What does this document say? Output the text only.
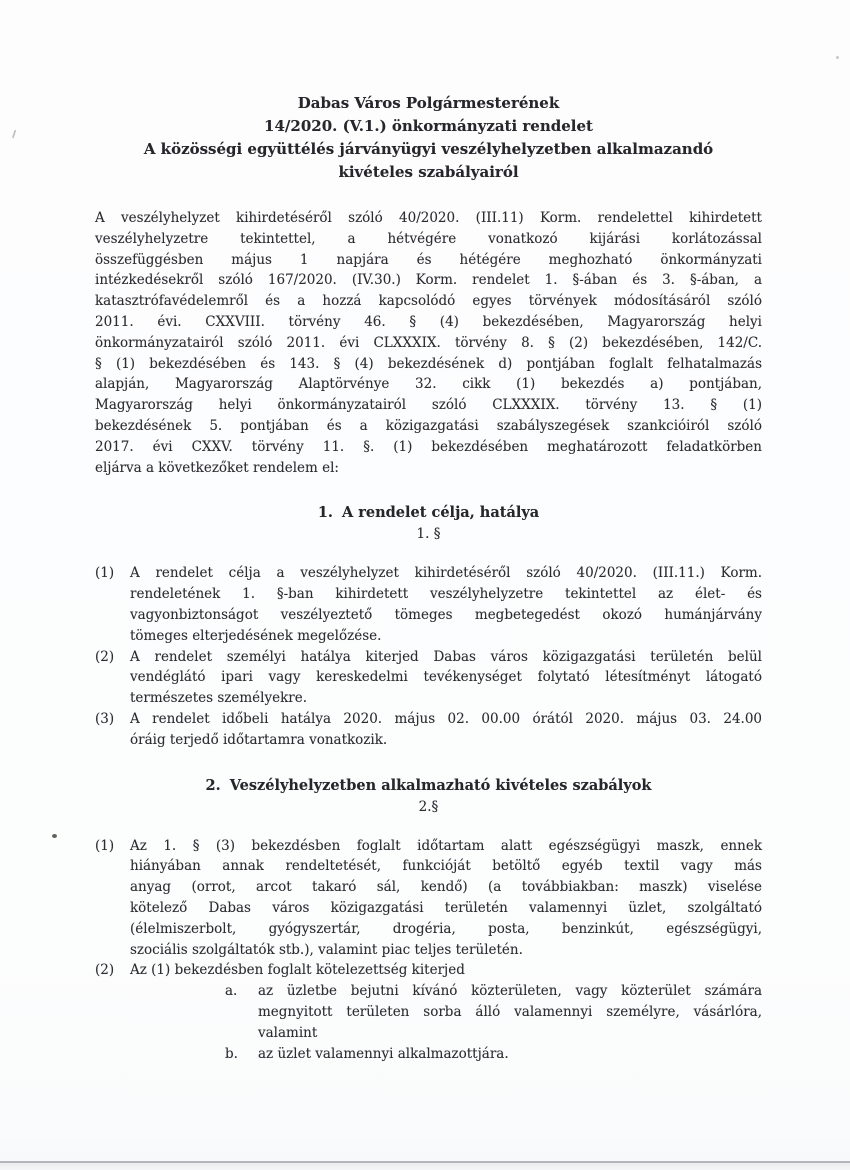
Dabas Város Polgármesterének
14/2020. (V.1.) önkormányzati rendelet
A közösségi együttélés járványügyi veszélyhelyzetben alkalmazandó
kivételes szabályairól
A veszélyhelyzet kihirdetéséről szóló 40/2020. (III.11) Korm. rendelettel kihirdetett
veszélyhelyzetre tekintettel, a hétvégére vonatkozó kijárási korlátozással
összefüggésben május 1 napjára és hétégére meghozható önkormányzati
intézkedésekről szóló 167/2020. (IV.30.) Korm. rendelet 1. §-ában és 3. §-ában, a
katasztrófavédelemről és a hozzá kapcsolódó egyes törvények módosításáról szóló
2011. évi. CXXVIII. törvény 46. § (4) bekezdésében, Magyarország helyi
önkormányzatairól szóló 2011. évi CLXXXIX. törvény 8. § (2) bekezdésében, 142/C.
§ (1) bekezdésében és 143. § (4) bekezdésének d) pontjában foglalt felhatalmazás
alapján, Magyarország Alaptörvénye 32. cikk (1) bekezdés a) pontjában,
Magyarország helyi önkormányzatairól szóló CLXXXIX. törvény 13. § (1)
bekezdésének 5. pontjában és a közigazgatási szabályszegések szankcióiról szóló
2017. évi CXXV. törvény 11. §. (1) bekezdésében meghatározott feladatkörben
eljárva a következőket rendelem el:
1. A rendelet célja, hatálya
1. §
(1) A rendelet célja a veszélyhelyzet kihirdetéséről szóló 40/2020. (III.11.) Korm.
rendeletének 1. §-ban kihirdetett veszélyhelyzetre tekintettel az élet- és
vagyonbiztonságot veszélyeztető tömeges megbetegedést okozó humánjárvány
tömeges elterjedésének megelőzése.
(2) A rendelet személyi hatálya kiterjed Dabas város közigazgatási területén belül
vendéglátó ipari vagy kereskedelmi tevékenységet folytató létesítményt látogató
természetes személyekre.
(3) A rendelet időbeli hatálya 2020. május 02. 00.00 órától 2020. május 03. 24.00
óráig terjedő időtartamra vonatkozik.
2. Veszélyhelyzetben alkalmazható kivételes szabályok
2.§
(1) Az 1. § (3) bekezdésben foglalt időtartam alatt egészségügyi maszk, ennek
hiányában annak rendeltetését, funkcióját betöltő egyéb textil vagy más
anyag (orrot, arcot takaró sál, kendő) (a továbbiakban: maszk) viselése
kötelező Dabas város közigazgatási területén valamennyi üzlet, szolgáltató
(élelmiszerbolt, gyógyszertár, drogéria, posta, benzinkút, egészségügyi,
szociális szolgáltatók stb.), valamint piac teljes területén.
(2) Az (1) bekezdésben foglalt kötelezettség kiterjed
a. az üzletbe bejutni kívánó közterületen, vagy közterület számára
megnyitott területen sorba álló valamennyi személyre, vásárlóra,
valamint
b. az üzlet valamennyi alkalmazottjára.
